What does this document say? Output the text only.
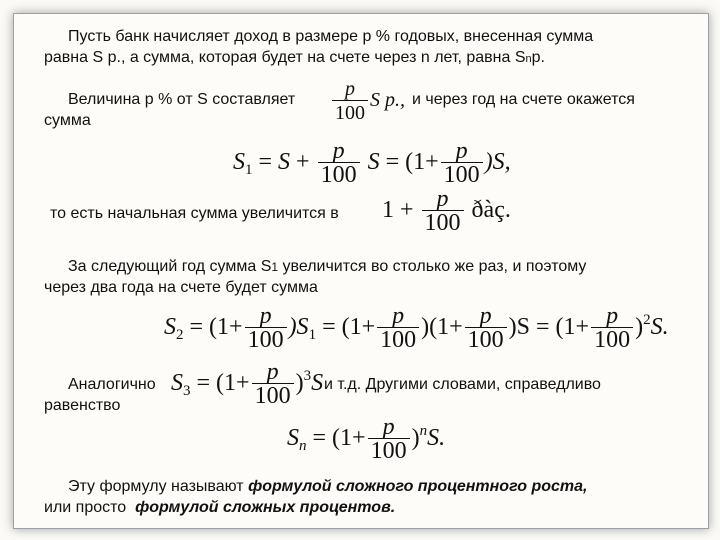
Пусть банк начисляет доход в размере p % годовых, внесенная сумма
равна S р., а сумма, которая будет на счете через n лет, равна Snр.
Величина p % от S составляет $\frac{p}{100}$ S р., и через год на счете окажется
сумма
$S_1 = S + \frac{p}{100}$ $S = (1+ \frac{p}{100} )S$,
то есть начальная сумма увеличится в $1 + \frac{p}{100}$ ðàç.
За следующий год сумма S1 увеличится во столько же раз, и поэтому
через два года на счете будет сумма
$S_2 = (1+ \frac{p}{100} )S_1 = (1+ \frac{p}{100} )(1+ \frac{p}{100} )S = (1+ \frac{p}{100} )^2S$.
Аналогично $S_3 = (1+ \frac{p}{100} )^3S$ и т.д. Другими словами, справедливо
равенство
$S_n = (1+ \frac{p}{100} )^nS$.
Эту формулу называют формулой сложного процентного роста,
или просто формулой сложных процентов.
